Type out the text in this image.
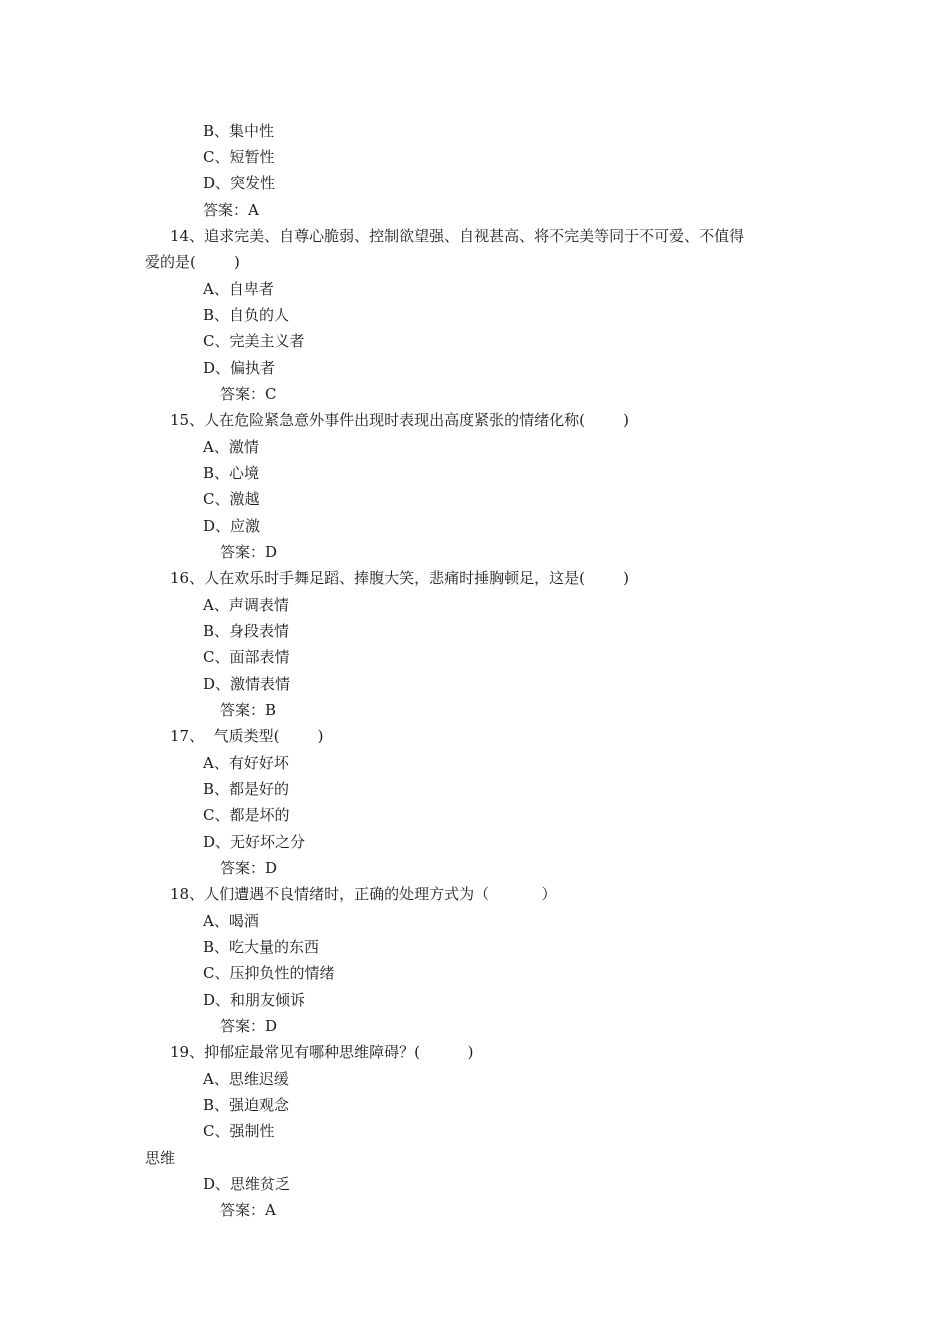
B、集中性
C、短暂性
D、突发性
答案：A
14、追求完美、自尊心脆弱、控制欲望强、自视甚高、将不完美等同于不可爱、不值得
爱的是(        )
A、自卑者
B、自负的人
C、完美主义者
D、偏执者
答案：C
15、人在危险紧急意外事件出现时表现出高度紧张的情绪化称(        )
A、激情
B、心境
C、激越
D、应激
答案：D
16、人在欢乐时手舞足蹈、捧腹大笑，悲痛时捶胸顿足，这是(        )
A、声调表情
B、身段表情
C、面部表情
D、激情表情
答案：B
17、  气质类型(        )
A、有好好坏
B、都是好的
C、都是坏的
D、无好坏之分
答案：D
18、人们遭遇不良情绪时，正确的处理方式为（           ）
A、喝酒
B、吃大量的东西
C、压抑负性的情绪
D、和朋友倾诉
答案：D
19、抑郁症最常见有哪种思维障碍？(          )
A、思维迟缓
B、强迫观念
C、强制性
思维
D、思维贫乏
答案：A
